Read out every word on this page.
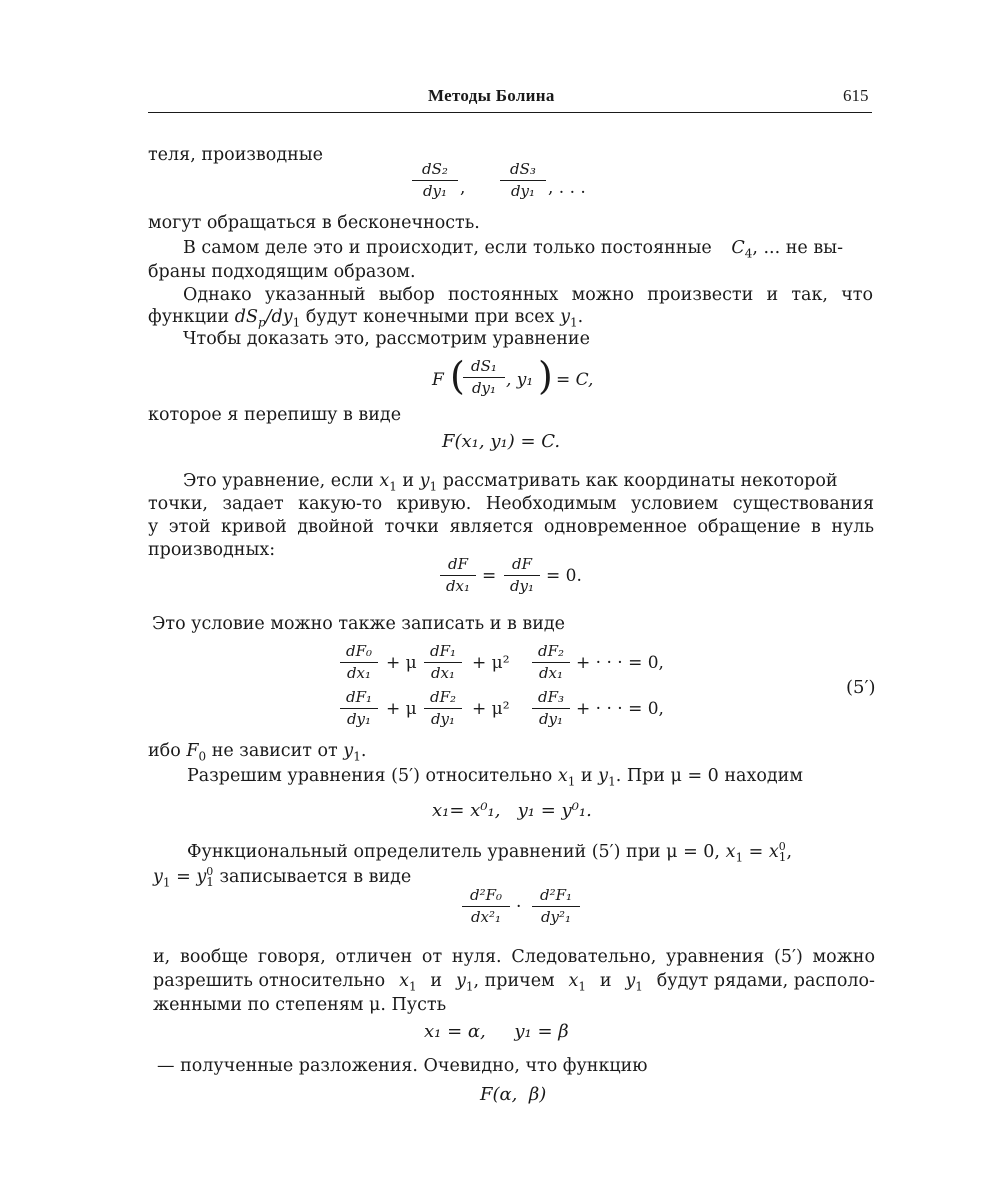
Методы Болина	615
теля, производные
dS₂
dy₁ ,
dS₃
dy₁ , . . .
могут обращаться в бесконечность.
В самом деле это и происходит, если только постоянные $C_4$, ... не вы-
браны подходящим образом.
Однако указанный выбор постоянных можно произвести и так, что
функции $dS_p/dy_1$ будут конечными при всех $y_1$.
Чтобы доказать это, рассмотрим уравнение
F ( dS₁
dy₁ , y₁ ) = C,
которое я перепишу в виде
F(x₁, y₁) = C.
Это уравнение, если $x_1$ и $y_1$ рассматривать как координаты некоторой
точки, задает какую-то кривую. Необходимым условием существования
у этой кривой двойной точки является одновременное обращение в нуль
производных:
dF
dx₁ =
dF
dy₁ = 0.
Это условие можно также записать и в виде
dF₀
dx₁ + μ
dF₁
dx₁ + μ²
dF₂
dx₁ + · · · = 0,
dF₁
dy₁ + μ
dF₂
dy₁ + μ²
dF₃
dy₁ + · · · = 0,
(5′)
ибо $F_0$ не зависит от $y_1$.
Разрешим уравнения (5′) относительно $x_1$ и $y_1$. При μ = 0 находим
x₁= x⁰₁,   y₁ = y⁰₁.
Функциональный определитель уравнений (5′) при μ = 0, $x_1 = x^0_1$,
$y_1 = y^0_1$ записывается в виде
d²F₀
dx²₁ ·
d²F₁
dy²₁
и, вообще говоря, отличен от нуля. Следовательно, уравнения (5′) можно
разрешить относительно $x_1$ и $y_1$, причем $x_1$ и $y_1$ будут рядами, располо-
женными по степеням μ. Пусть
x₁ = α,     y₁ = β
— полученные разложения. Очевидно, что функцию
F(α,  β)
